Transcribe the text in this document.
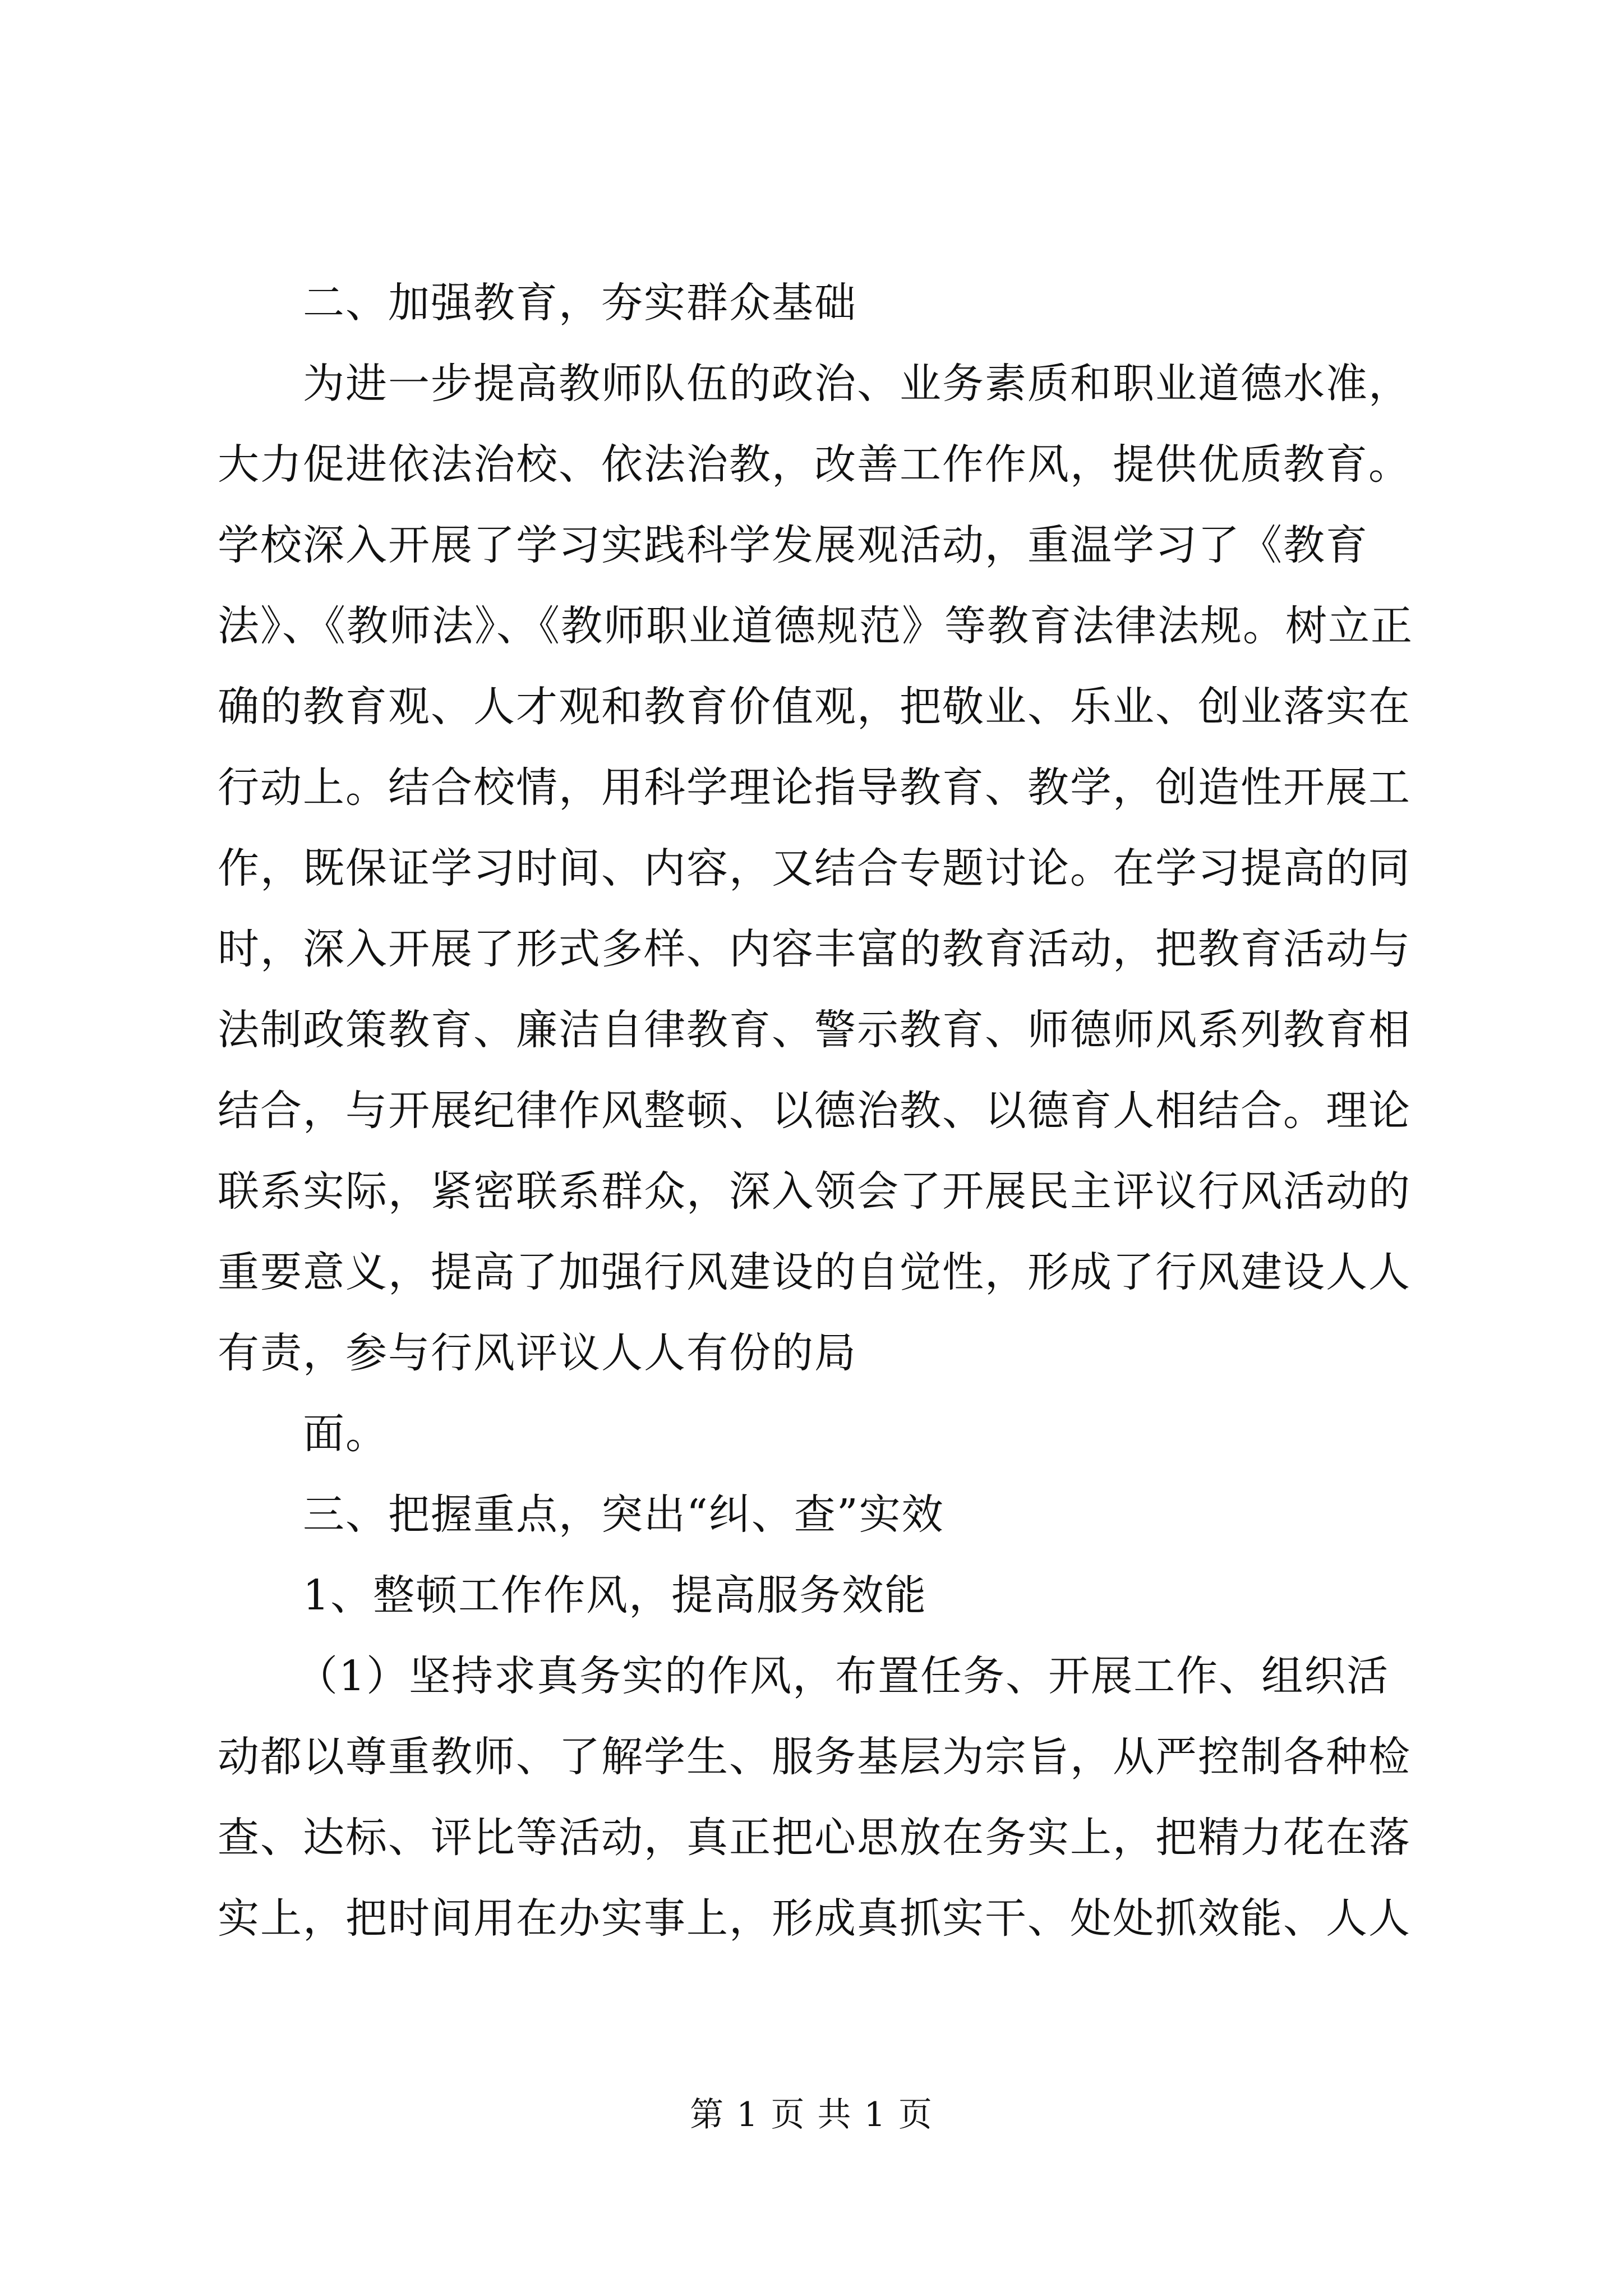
二、加强教育，夯实群众基础
为进一步提高教师队伍的政治、业务素质和职业道德水准，
大力促进依法治校、依法治教，改善工作作风，提供优质教育。
学校深入开展了学习实践科学发展观活动，重温学习了《教育
法》、《教师法》、《教师职业道德规范》等教育法律法规。树立正
确的教育观、人才观和教育价值观，把敬业、乐业、创业落实在
行动上。结合校情，用科学理论指导教育、教学，创造性开展工
作，既保证学习时间、内容，又结合专题讨论。在学习提高的同
时，深入开展了形式多样、内容丰富的教育活动，把教育活动与
法制政策教育、廉洁自律教育、警示教育、师德师风系列教育相
结合，与开展纪律作风整顿、以德治教、以德育人相结合。理论
联系实际，紧密联系群众，深入领会了开展民主评议行风活动的
重要意义，提高了加强行风建设的自觉性，形成了行风建设人人
有责，参与行风评议人人有份的局
面。
三、把握重点，突出“纠、查”实效
1、整顿工作作风，提高服务效能
（1）坚持求真务实的作风，布置任务、开展工作、组织活
动都以尊重教师、了解学生、服务基层为宗旨，从严控制各种检
查、达标、评比等活动，真正把心思放在务实上，把精力花在落
实上，把时间用在办实事上，形成真抓实干、处处抓效能、人人
第 1 页 共 1 页
